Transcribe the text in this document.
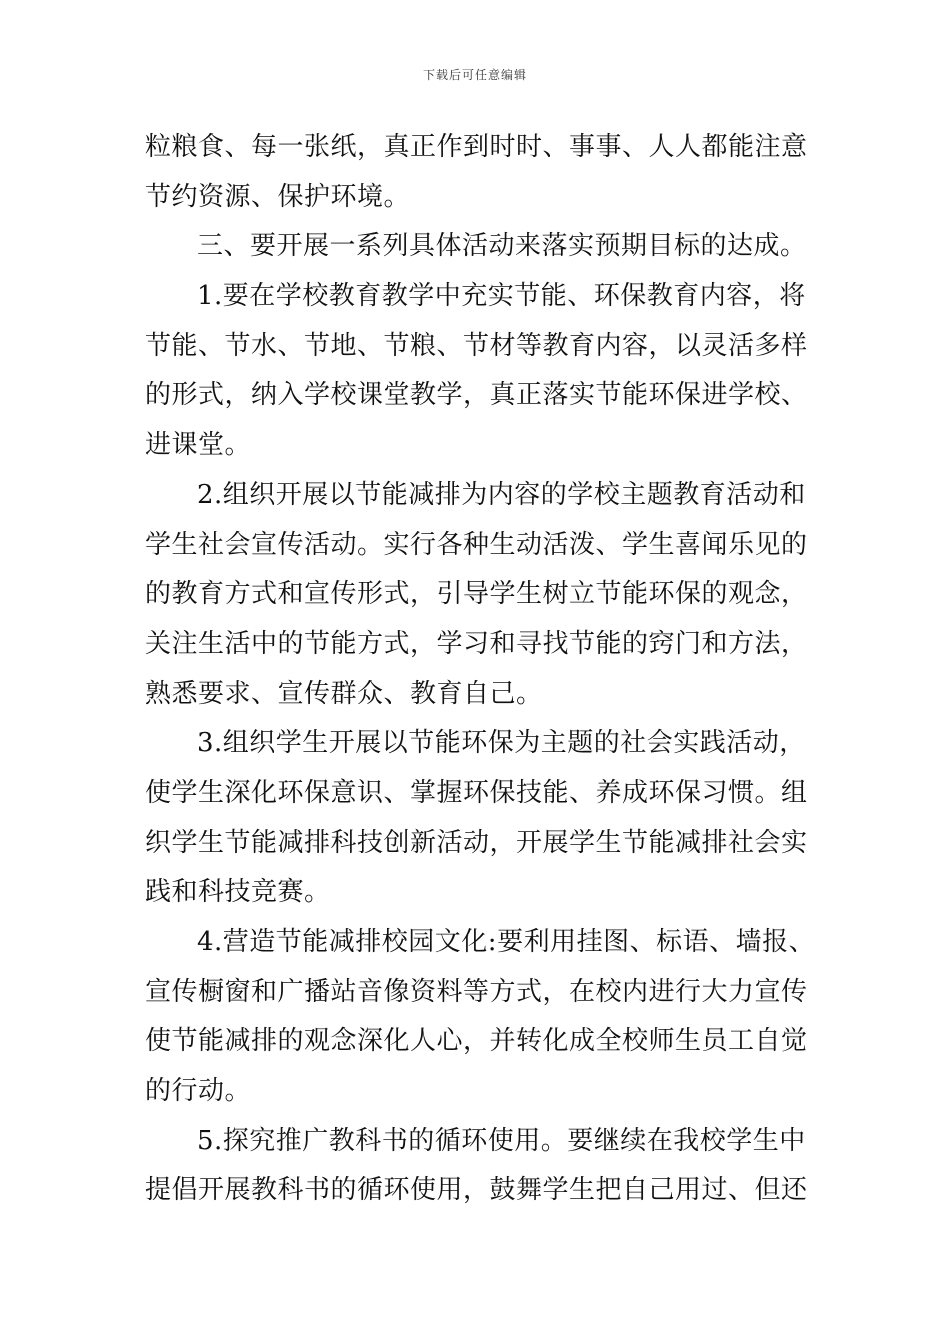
下载后可任意编辑
粒粮食、每一张纸，真正作到时时、事事、人人都能注意
节约资源、保护环境。
三、要开展一系列具体活动来落实预期目标的达成。
1.要在学校教育教学中充实节能、环保教育内容，将
节能、节水、节地、节粮、节材等教育内容，以灵活多样
的形式，纳入学校课堂教学，真正落实节能环保进学校、
进课堂。
2.组织开展以节能减排为内容的学校主题教育活动和
学生社会宣传活动。实行各种生动活泼、学生喜闻乐见的
的教育方式和宣传形式，引导学生树立节能环保的观念，
关注生活中的节能方式，学习和寻找节能的窍门和方法，
熟悉要求、宣传群众、教育自己。
3.组织学生开展以节能环保为主题的社会实践活动，
使学生深化环保意识、掌握环保技能、养成环保习惯。组
织学生节能减排科技创新活动，开展学生节能减排社会实
践和科技竞赛。
4.营造节能减排校园文化:要利用挂图、标语、墙报、
宣传橱窗和广播站音像资料等方式，在校内进行大力宣传
使节能减排的观念深化人心，并转化成全校师生员工自觉
的行动。
5.探究推广教科书的循环使用。要继续在我校学生中
提倡开展教科书的循环使用，鼓舞学生把自己用过、但还
